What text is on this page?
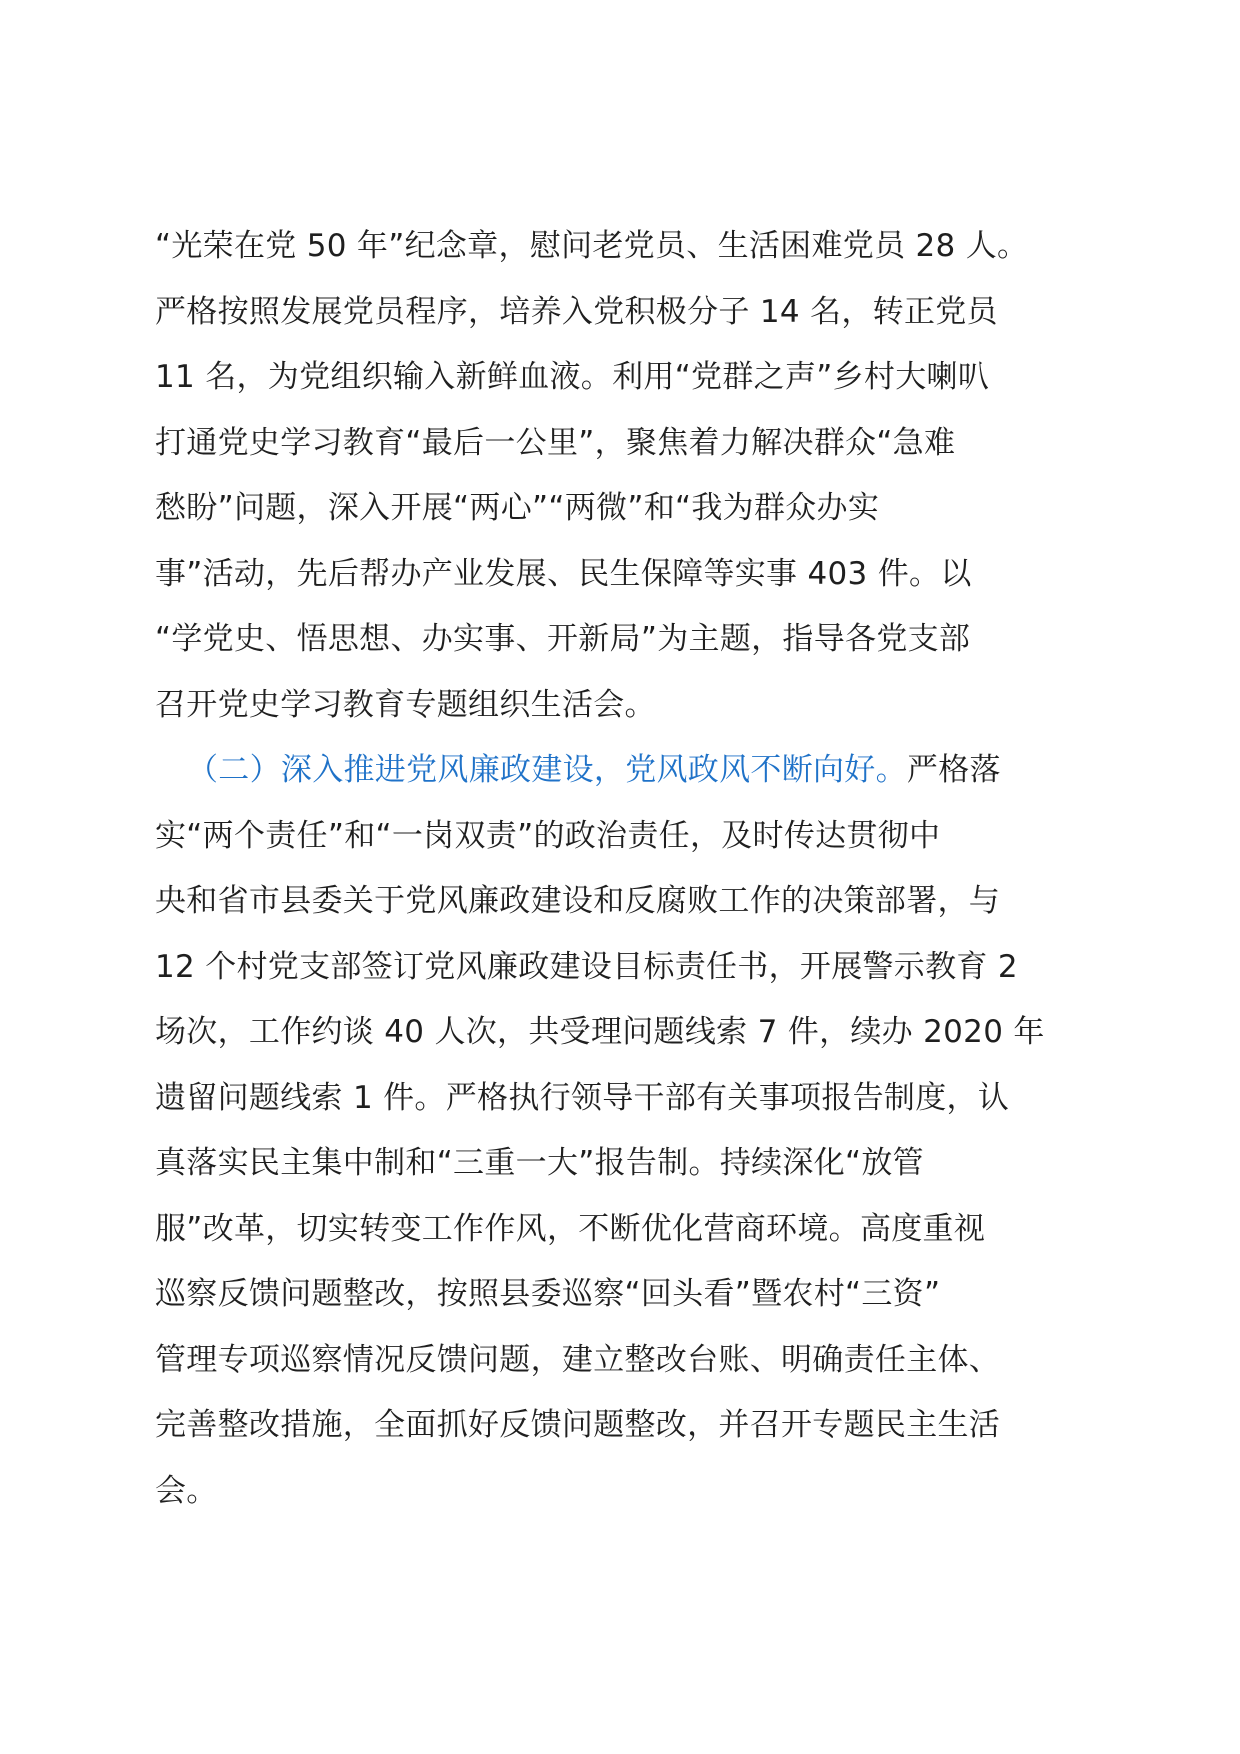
“光荣在党 50 年”纪念章，慰问老党员、生活困难党员 28 人。
严格按照发展党员程序，培养入党积极分子 14 名，转正党员
11 名，为党组织输入新鲜血液。利用“党群之声”乡村大喇叭
打通党史学习教育“最后一公里”，聚焦着力解决群众“急难
愁盼”问题，深入开展“两心”“两微”和“我为群众办实
事”活动，先后帮办产业发展、民生保障等实事 403 件。以
“学党史、悟思想、办实事、开新局”为主题，指导各党支部
召开党史学习教育专题组织生活会。
（二）深入推进党风廉政建设，党风政风不断向好。严格落
实“两个责任”和“一岗双责”的政治责任，及时传达贯彻中
央和省市县委关于党风廉政建设和反腐败工作的决策部署，与
12 个村党支部签订党风廉政建设目标责任书，开展警示教育 2
场次，工作约谈 40 人次，共受理问题线索 7 件，续办 2020 年
遗留问题线索 1 件。严格执行领导干部有关事项报告制度，认
真落实民主集中制和“三重一大”报告制。持续深化“放管
服”改革，切实转变工作作风，不断优化营商环境。高度重视
巡察反馈问题整改，按照县委巡察“回头看”暨农村“三资”
管理专项巡察情况反馈问题，建立整改台账、明确责任主体、
完善整改措施，全面抓好反馈问题整改，并召开专题民主生活
会。
